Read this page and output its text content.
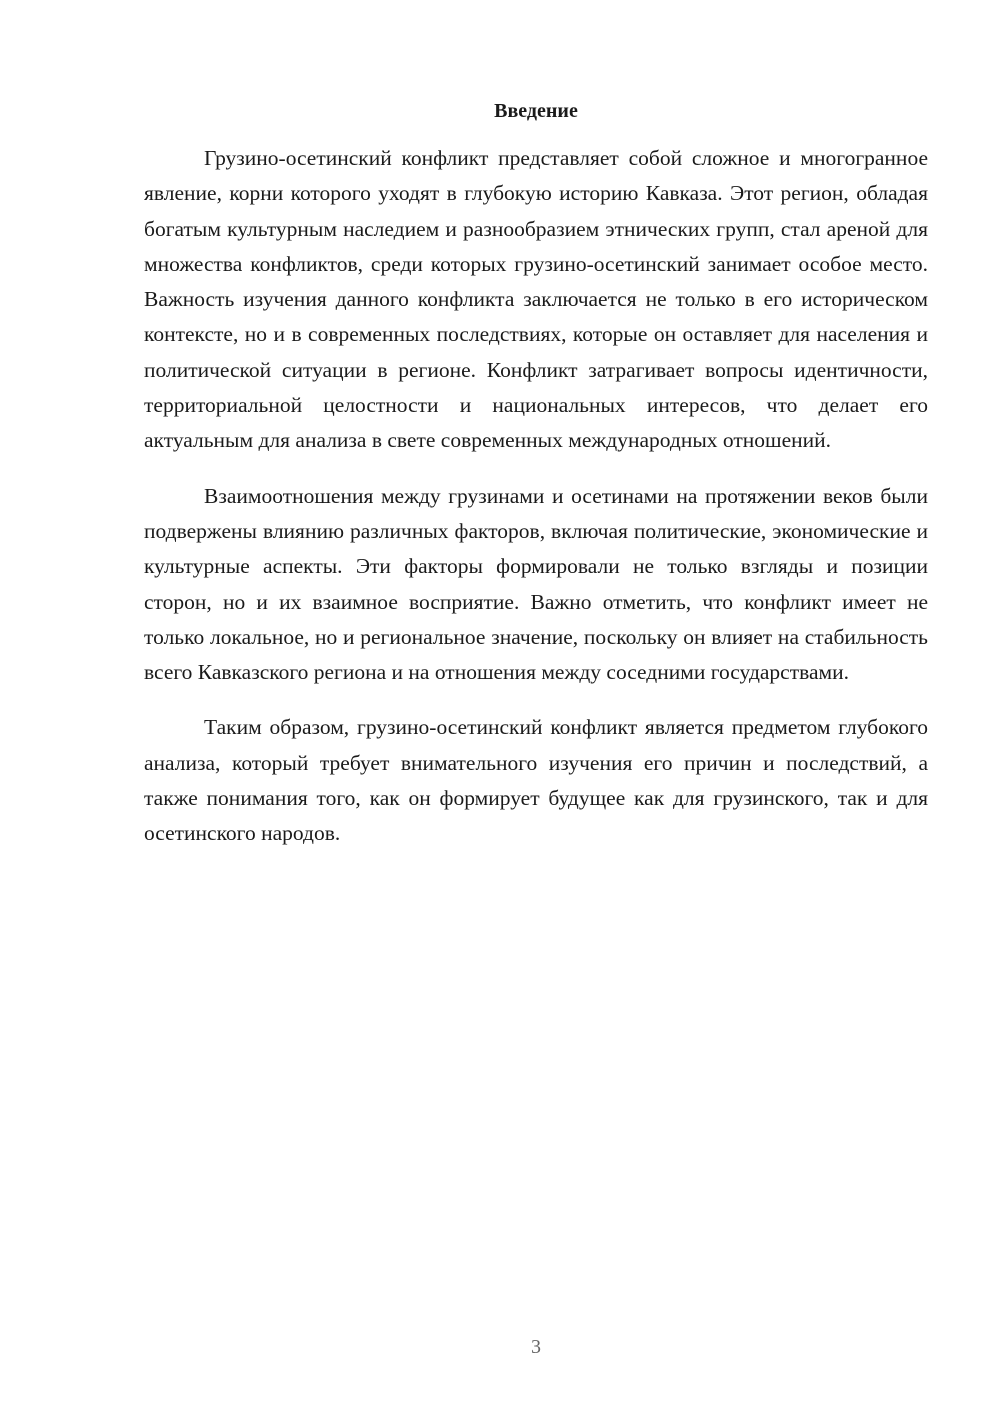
Введение

Грузино-осетинский конфликт представляет собой сложное и многогранное явление, корни которого уходят в глубокую историю Кавказа. Этот регион, обладая богатым культурным наследием и разнообразием этнических групп, стал ареной для множества конфликтов, среди которых грузино-осетинский занимает особое место. Важность изучения данного конфликта заключается не только в его историческом контексте, но и в современных последствиях, которые он оставляет для населения и политической ситуации в регионе. Конфликт затрагивает вопросы идентичности, территориальной целостности и национальных интересов, что делает его актуальным для анализа в свете современных международных отношений.

Взаимоотношения между грузинами и осетинами на протяжении веков были подвержены влиянию различных факторов, включая политические, экономические и культурные аспекты. Эти факторы формировали не только взгляды и позиции сторон, но и их взаимное восприятие. Важно отметить, что конфликт имеет не только локальное, но и региональное значение, поскольку он влияет на стабильность всего Кавказского региона и на отношения между соседними государствами.

Таким образом, грузино-осетинский конфликт является предметом глубокого анализа, который требует внимательного изучения его причин и последствий, а также понимания того, как он формирует будущее как для грузинского, так и для осетинского народов.

3
